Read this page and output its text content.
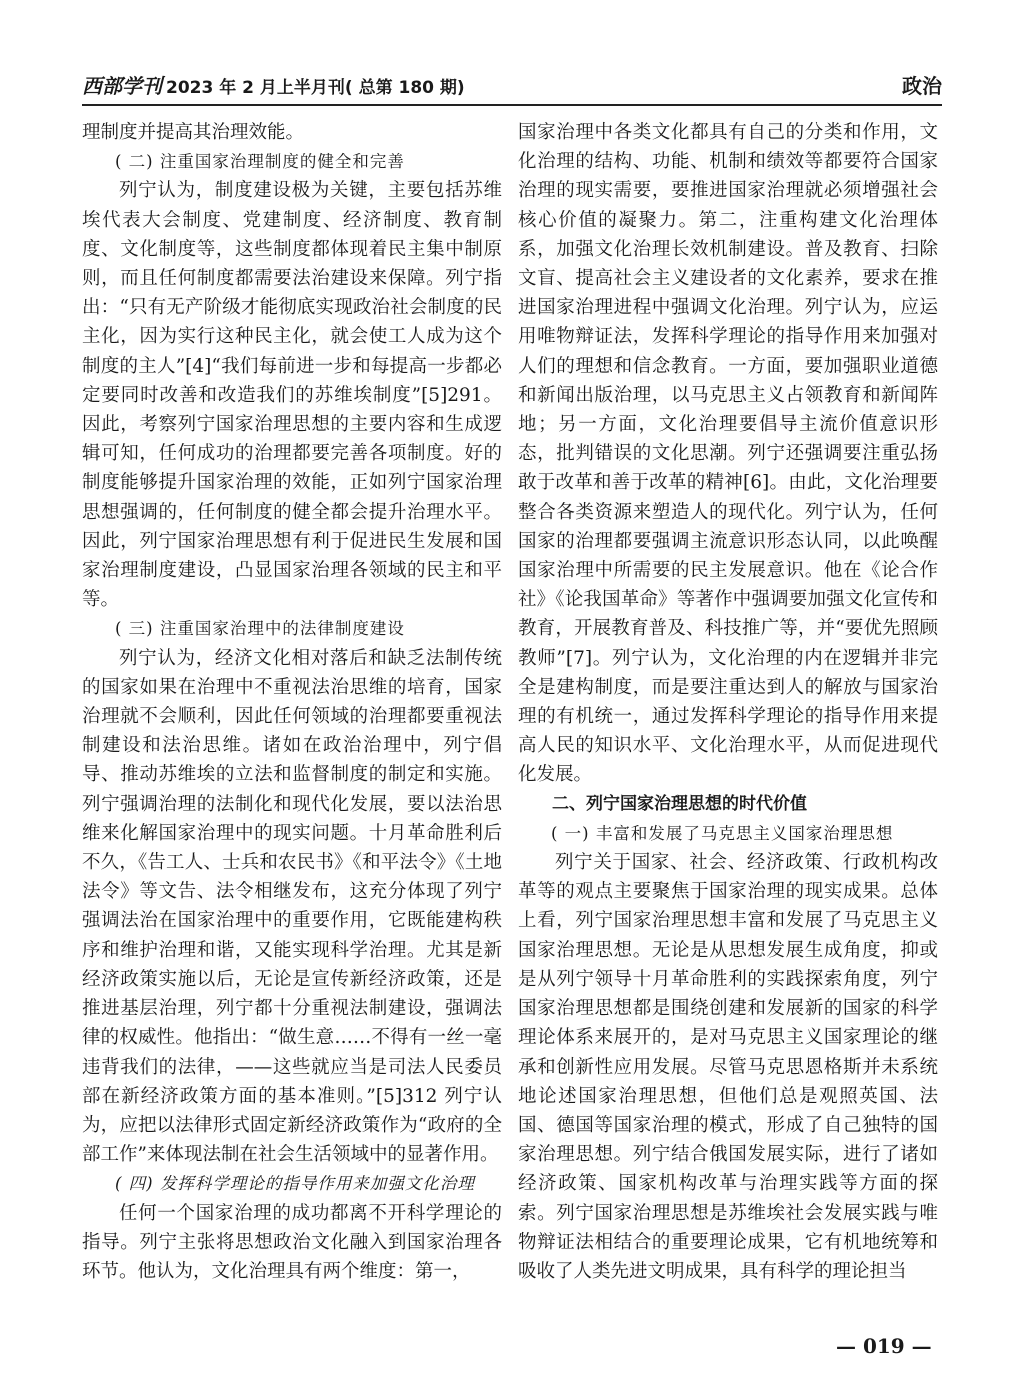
西部学刊 2023 年 2 月上半月刊( 总第 180 期)	政治

理制度并提高其治理效能。

( 二) 注重国家治理制度的健全和完善

列宁认为，制度建设极为关键，主要包括苏维埃代表大会制度、党建制度、经济制度、教育制度、文化制度等，这些制度都体现着民主集中制原则，而且任何制度都需要法治建设来保障。列宁指出：“只有无产阶级才能彻底实现政治社会制度的民主化，因为实行这种民主化，就会使工人成为这个制度的主人”[4]“我们每前进一步和每提高一步都必定要同时改善和改造我们的苏维埃制度”[5]291。因此，考察列宁国家治理思想的主要内容和生成逻辑可知，任何成功的治理都要完善各项制度。好的制度能够提升国家治理的效能，正如列宁国家治理思想强调的，任何制度的健全都会提升治理水平。因此，列宁国家治理思想有利于促进民生发展和国家治理制度建设，凸显国家治理各领域的民主和平等。

( 三) 注重国家治理中的法律制度建设

列宁认为，经济文化相对落后和缺乏法制传统的国家如果在治理中不重视法治思维的培育，国家治理就不会顺利，因此任何领域的治理都要重视法制建设和法治思维。诸如在政治治理中，列宁倡导、推动苏维埃的立法和监督制度的制定和实施。列宁强调治理的法制化和现代化发展，要以法治思维来化解国家治理中的现实问题。十月革命胜利后不久，《告工人、士兵和农民书》《和平法令》《土地法令》等文告、法令相继发布，这充分体现了列宁强调法治在国家治理中的重要作用，它既能建构秩序和维护治理和谐，又能实现科学治理。尤其是新经济政策实施以后，无论是宣传新经济政策，还是推进基层治理，列宁都十分重视法制建设，强调法律的权威性。他指出：“做生意……不得有一丝一毫违背我们的法律，——这些就应当是司法人民委员部在新经济政策方面的基本准则。”[5]312 列宁认为，应把以法律形式固定新经济政策作为“政府的全部工作”来体现法制在社会生活领域中的显著作用。

( 四) 发挥科学理论的指导作用来加强文化治理

任何一个国家治理的成功都离不开科学理论的指导。列宁主张将思想政治文化融入到国家治理各环节。他认为，文化治理具有两个维度：第一，

国家治理中各类文化都具有自己的分类和作用，文化治理的结构、功能、机制和绩效等都要符合国家治理的现实需要，要推进国家治理就必须增强社会核心价值的凝聚力。第二，注重构建文化治理体系，加强文化治理长效机制建设。普及教育、扫除文盲、提高社会主义建设者的文化素养，要求在推进国家治理进程中强调文化治理。列宁认为，应运用唯物辩证法，发挥科学理论的指导作用来加强对人们的理想和信念教育。一方面，要加强职业道德和新闻出版治理，以马克思主义占领教育和新闻阵地；另一方面，文化治理要倡导主流价值意识形态，批判错误的文化思潮。列宁还强调要注重弘扬敢于改革和善于改革的精神[6]。由此，文化治理要整合各类资源来塑造人的现代化。列宁认为，任何国家的治理都要强调主流意识形态认同，以此唤醒国家治理中所需要的民主发展意识。他在《论合作社》《论我国革命》等著作中强调要加强文化宣传和教育，开展教育普及、科技推广等，并“要优先照顾教师”[7]。列宁认为，文化治理的内在逻辑并非完全是建构制度，而是要注重达到人的解放与国家治理的有机统一，通过发挥科学理论的指导作用来提高人民的知识水平、文化治理水平，从而促进现代化发展。

二、列宁国家治理思想的时代价值

( 一) 丰富和发展了马克思主义国家治理思想

列宁关于国家、社会、经济政策、行政机构改革等的观点主要聚焦于国家治理的现实成果。总体上看，列宁国家治理思想丰富和发展了马克思主义国家治理思想。无论是从思想发展生成角度，抑或是从列宁领导十月革命胜利的实践探索角度，列宁国家治理思想都是围绕创建和发展新的国家的科学理论体系来展开的，是对马克思主义国家理论的继承和创新性应用发展。尽管马克思恩格斯并未系统地论述国家治理思想，但他们总是观照英国、法国、德国等国家治理的模式，形成了自己独特的国家治理思想。列宁结合俄国发展实际，进行了诸如经济政策、国家机构改革与治理实践等方面的探索。列宁国家治理思想是苏维埃社会发展实践与唯物辩证法相结合的重要理论成果，它有机地统筹和吸收了人类先进文明成果，具有科学的理论担当

— 019 —
